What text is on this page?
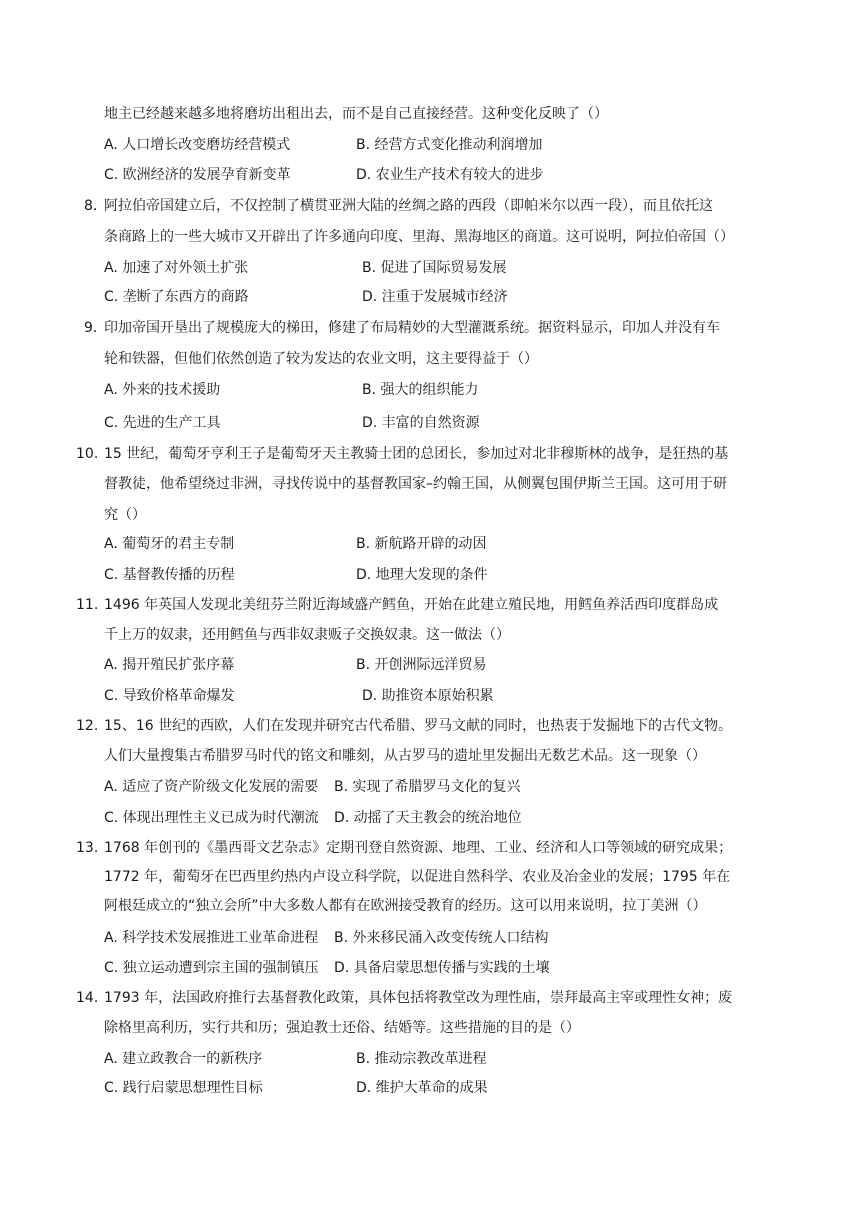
地主已经越来越多地将磨坊出租出去，而不是自己直接经营。这种变化反映了（）
A. 人口增长改变磨坊经营模式	B. 经营方式变化推动利润增加
C. 欧洲经济的发展孕育新变革	D. 农业生产技术有较大的进步
8．
阿拉伯帝国建立后，不仅控制了横贯亚洲大陆的丝绸之路的西段（即帕米尔以西一段），而且依托这
条商路上的一些大城市又开辟出了许多通向印度、里海、黑海地区的商道。这可说明，阿拉伯帝国（）
A. 加速了对外领土扩张	B. 促进了国际贸易发展
C. 垄断了东西方的商路	D. 注重于发展城市经济
9．
印加帝国开垦出了规模庞大的梯田，修建了布局精妙的大型灌溉系统。据资料显示，印加人并没有车
轮和铁器，但他们依然创造了较为发达的农业文明，这主要得益于（）
A. 外来的技术援助	B. 强大的组织能力
C. 先进的生产工具	D. 丰富的自然资源
10. 15 世纪，葡萄牙亨利王子是葡萄牙天主教骑士团的总团长，参加过对北非穆斯林的战争，是狂热的基
督教徒，他希望绕过非洲，寻找传说中的基督教国家–约翰王国，从侧翼包围伊斯兰王国。这可用于研
究（）
A. 葡萄牙的君主专制	B. 新航路开辟的动因
C. 基督教传播的历程	D. 地理大发现的条件
11. 1496 年英国人发现北美纽芬兰附近海域盛产鳕鱼，开始在此建立殖民地，用鳕鱼养活西印度群岛成
千上万的奴隶，还用鳕鱼与西非奴隶贩子交换奴隶。这一做法（）
A. 揭开殖民扩张序幕	B. 开创洲际远洋贸易
C. 导致价格革命爆发	D. 助推资本原始积累
12. 15、16 世纪的西欧，人们在发现并研究古代希腊、罗马文献的同时，也热衷于发掘地下的古代文物。
人们大量搜集古希腊罗马时代的铭文和雕刻，从古罗马的遗址里发掘出无数艺术品。这一现象（）
A. 适应了资产阶级文化发展的需要 B. 实现了希腊罗马文化的复兴
C. 体现出理性主义已成为时代潮流 D. 动摇了天主教会的统治地位
13. 1768 年创刊的《墨西哥文艺杂志》定期刊登自然资源、地理、工业、经济和人口等领域的研究成果；
1772 年，葡萄牙在巴西里约热内卢设立科学院，以促进自然科学、农业及冶金业的发展；1795 年在
阿根廷成立的“独立会所”中大多数人都有在欧洲接受教育的经历。这可以用来说明，拉丁美洲（）
A. 科学技术发展推进工业革命进程 B. 外来移民涌入改变传统人口结构
C. 独立运动遭到宗主国的强制镇压 D. 具备启蒙思想传播与实践的土壤
14. 1793 年，法国政府推行去基督教化政策，具体包括将教堂改为理性庙，崇拜最高主宰或理性女神；废
除格里高利历，实行共和历；强迫教士还俗、结婚等。这些措施的目的是（）
A. 建立政教合一的新秩序	B. 推动宗教改革进程
C. 践行启蒙思想理性目标	D. 维护大革命的成果
